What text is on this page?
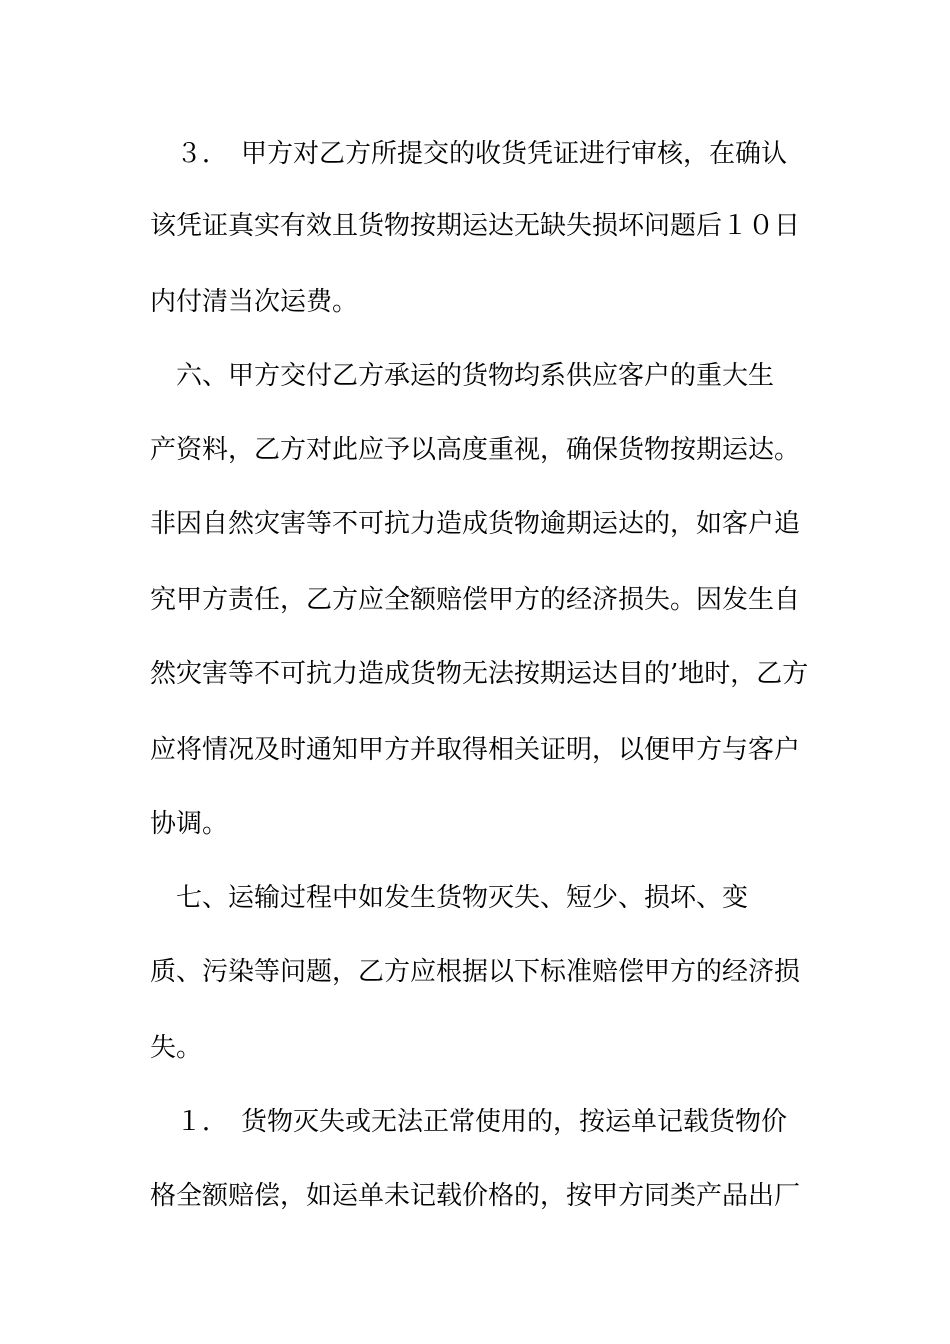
　３．　甲方对乙方所提交的收货凭证进行审核，在确认
该凭证真实有效且货物按期运达无缺失损坏问题后１０日
内付清当次运费。
　六、甲方交付乙方承运的货物均系供应客户的重大生
产资料，乙方对此应予以高度重视，确保货物按期运达。
非因自然灾害等不可抗力造成货物逾期运达的，如客户追
究甲方责任，乙方应全额赔偿甲方的经济损失。因发生自
然灾害等不可抗力造成货物无法按期运达目的’地时，乙方
应将情况及时通知甲方并取得相关证明，以便甲方与客户
协调。
　七、运输过程中如发生货物灭失、短少、损坏、变
质、污染等问题，乙方应根据以下标准赔偿甲方的经济损
失。
　１．　货物灭失或无法正常使用的，按运单记载货物价
格全额赔偿，如运单未记载价格的，按甲方同类产品出厂
